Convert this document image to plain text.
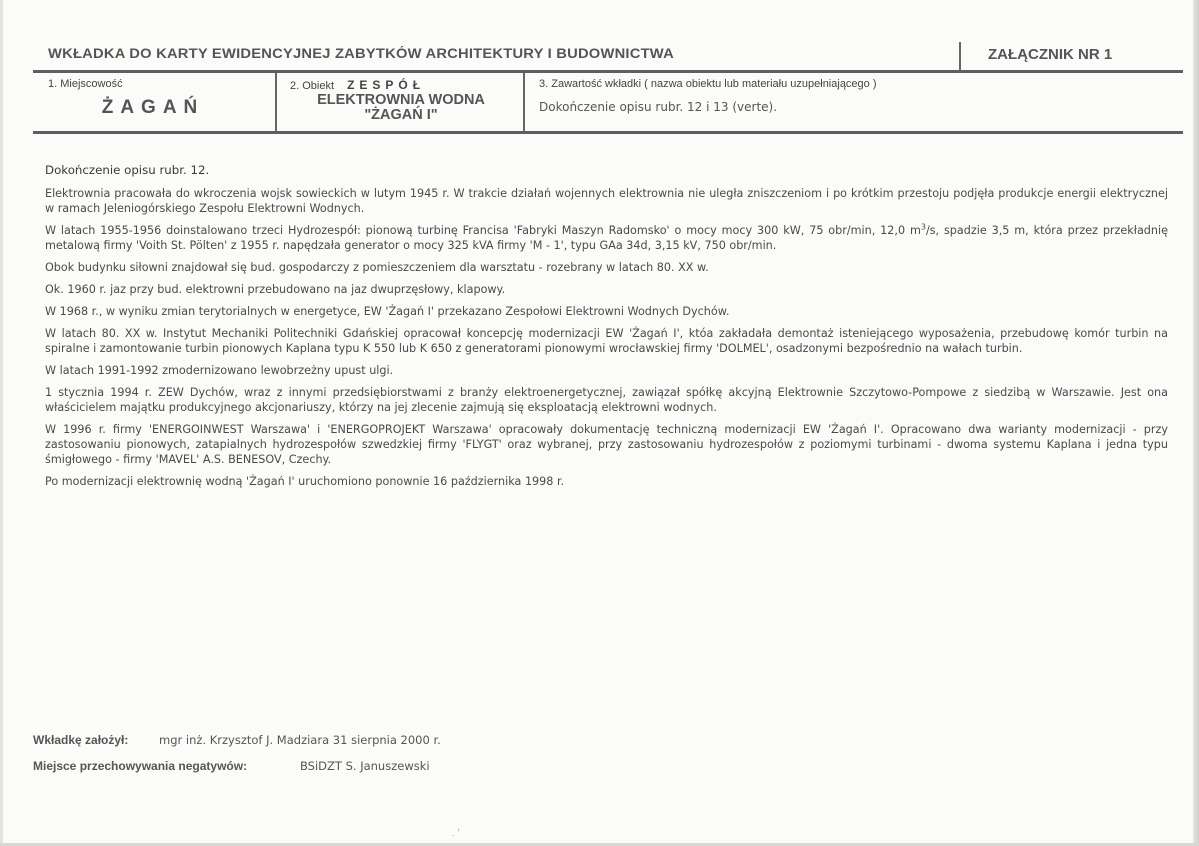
WKŁADKA DO KARTY EWIDENCYJNEJ ZABYTKÓW ARCHITEKTURY I BUDOWNICTWA	ZAŁĄCZNIK NR 1
1. Miejscowość
ŻAGAŃ
2. Obiekt ZESPÓŁ
ELEKTROWNIA WODNA
"ŻAGAŃ I"
3. Zawartość wkładki ( nazwa obiektu lub materiału uzupełniającego )
Dokończenie opisu rubr. 12 i 13 (verte).

Dokończenie opisu rubr. 12.

Elektrownia pracowała do wkroczenia wojsk sowieckich w lutym 1945 r. W trakcie działań wojennych elektrownia nie uległa zniszczeniom i po krótkim przestoju podjęła produkcje energii elektrycznej w ramach Jeleniogórskiego Zespołu Elektrowni Wodnych.

W latach 1955-1956 doinstalowano trzeci Hydrozespół: pionową turbinę Francisa 'Fabryki Maszyn Radomsko' o mocy mocy 300 kW, 75 obr/min, 12,0 $m^3/s$, spadzie 3,5 m, która przez przekładnię metalową firmy 'Voith St. Pölten' z 1955 r. napędzała generator o mocy 325 kVA firmy 'M - 1', typu GAa 34d, 3,15 kV, 750 obr/min.

Obok budynku siłowni znajdował się bud. gospodarczy z pomieszczeniem dla warsztatu - rozebrany w latach 80. XX w.

Ok. 1960 r. jaz przy bud. elektrowni przebudowano na jaz dwuprzęsłowy, klapowy.

W 1968 r., w wyniku zmian terytorialnych w energetyce, EW 'Żagań I' przekazano Zespołowi Elektrowni Wodnych Dychów.

W latach 80. XX w. Instytut Mechaniki Politechniki Gdańskiej opracował koncepcję modernizacji EW 'Żagań I', któa zakładała demontaż isteniejącego wyposażenia, przebudowę komór turbin na spiralne i zamontowanie turbin pionowych Kaplana typu K 550 lub K 650 z generatorami pionowymi wrocławskiej firmy 'DOLMEL', osadzonymi bezpośrednio na wałach turbin.

W latach 1991-1992 zmodernizowano lewobrzeżny upust ulgi.

1 stycznia 1994 r. ZEW Dychów, wraz z innymi przedsiębiorstwami z branży elektroenergetycznej, zawiązał spółkę akcyjną Elektrownie Szczytowo-Pompowe z siedzibą w Warszawie. Jest ona właścicielem majątku produkcyjnego akcjonariuszy, którzy na jej zlecenie zajmują się eksploatacją elektrowni wodnych.

W 1996 r. firmy 'ENERGOINWEST Warszawa' i 'ENERGOPROJEKT Warszawa' opracowały dokumentację techniczną modernizacji EW 'Żagań I'. Opracowano dwa warianty modernizacji - przy zastosowaniu pionowych, zatapialnych hydrozespołów szwedzkiej firmy 'FLYGT' oraz wybranej, przy zastosowaniu hydrozespołów z poziomymi turbinami - dwoma systemu Kaplana i jedna typu śmigłowego - firmy 'MAVEL' A.S. BENESOV, Czechy.

Po modernizacji elektrownię wodną 'Żagań I' uruchomiono ponownie 16 października 1998 r.

Wkładkę założył:	mgr inż. Krzysztof J. Madziara 31 sierpnia 2000 r.
Miejsce przechowywania negatywów:	BSiDZT S. Januszewski
. ׳
